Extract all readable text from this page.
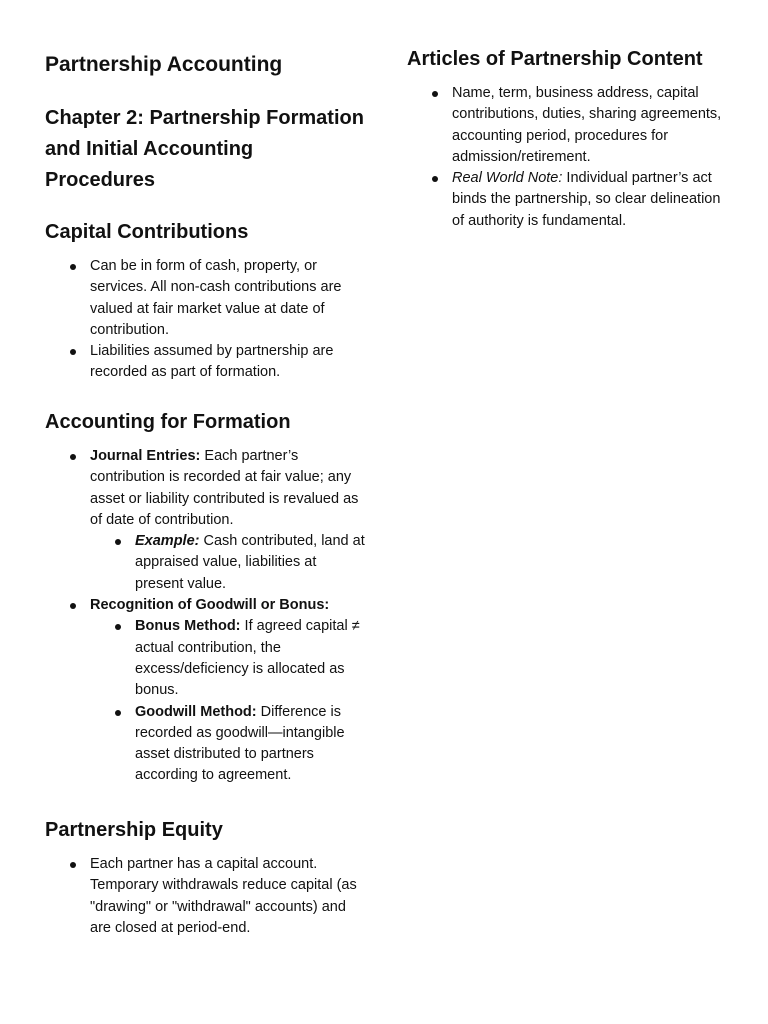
Partnership Accounting
Chapter 2: Partnership Formation and Initial Accounting Procedures
Capital Contributions
Can be in form of cash, property, or services. All non-cash contributions are valued at fair market value at date of contribution.
Liabilities assumed by partnership are recorded as part of formation.
Accounting for Formation
Journal Entries: Each partner’s contribution is recorded at fair value; any asset or liability contributed is revalued as of date of contribution.
Example: Cash contributed, land at appraised value, liabilities at present value.
Recognition of Goodwill or Bonus:
Bonus Method: If agreed capital ≠ actual contribution, the excess/deficiency is allocated as bonus.
Goodwill Method: Difference is recorded as goodwill—intangible asset distributed to partners according to agreement.
Partnership Equity
Each partner has a capital account. Temporary withdrawals reduce capital (as "drawing" or "withdrawal" accounts) and are closed at period-end.
Articles of Partnership Content
Name, term, business address, capital contributions, duties, sharing agreements, accounting period, procedures for admission/retirement.
Real World Note: Individual partner’s act binds the partnership, so clear delineation of authority is fundamental.
